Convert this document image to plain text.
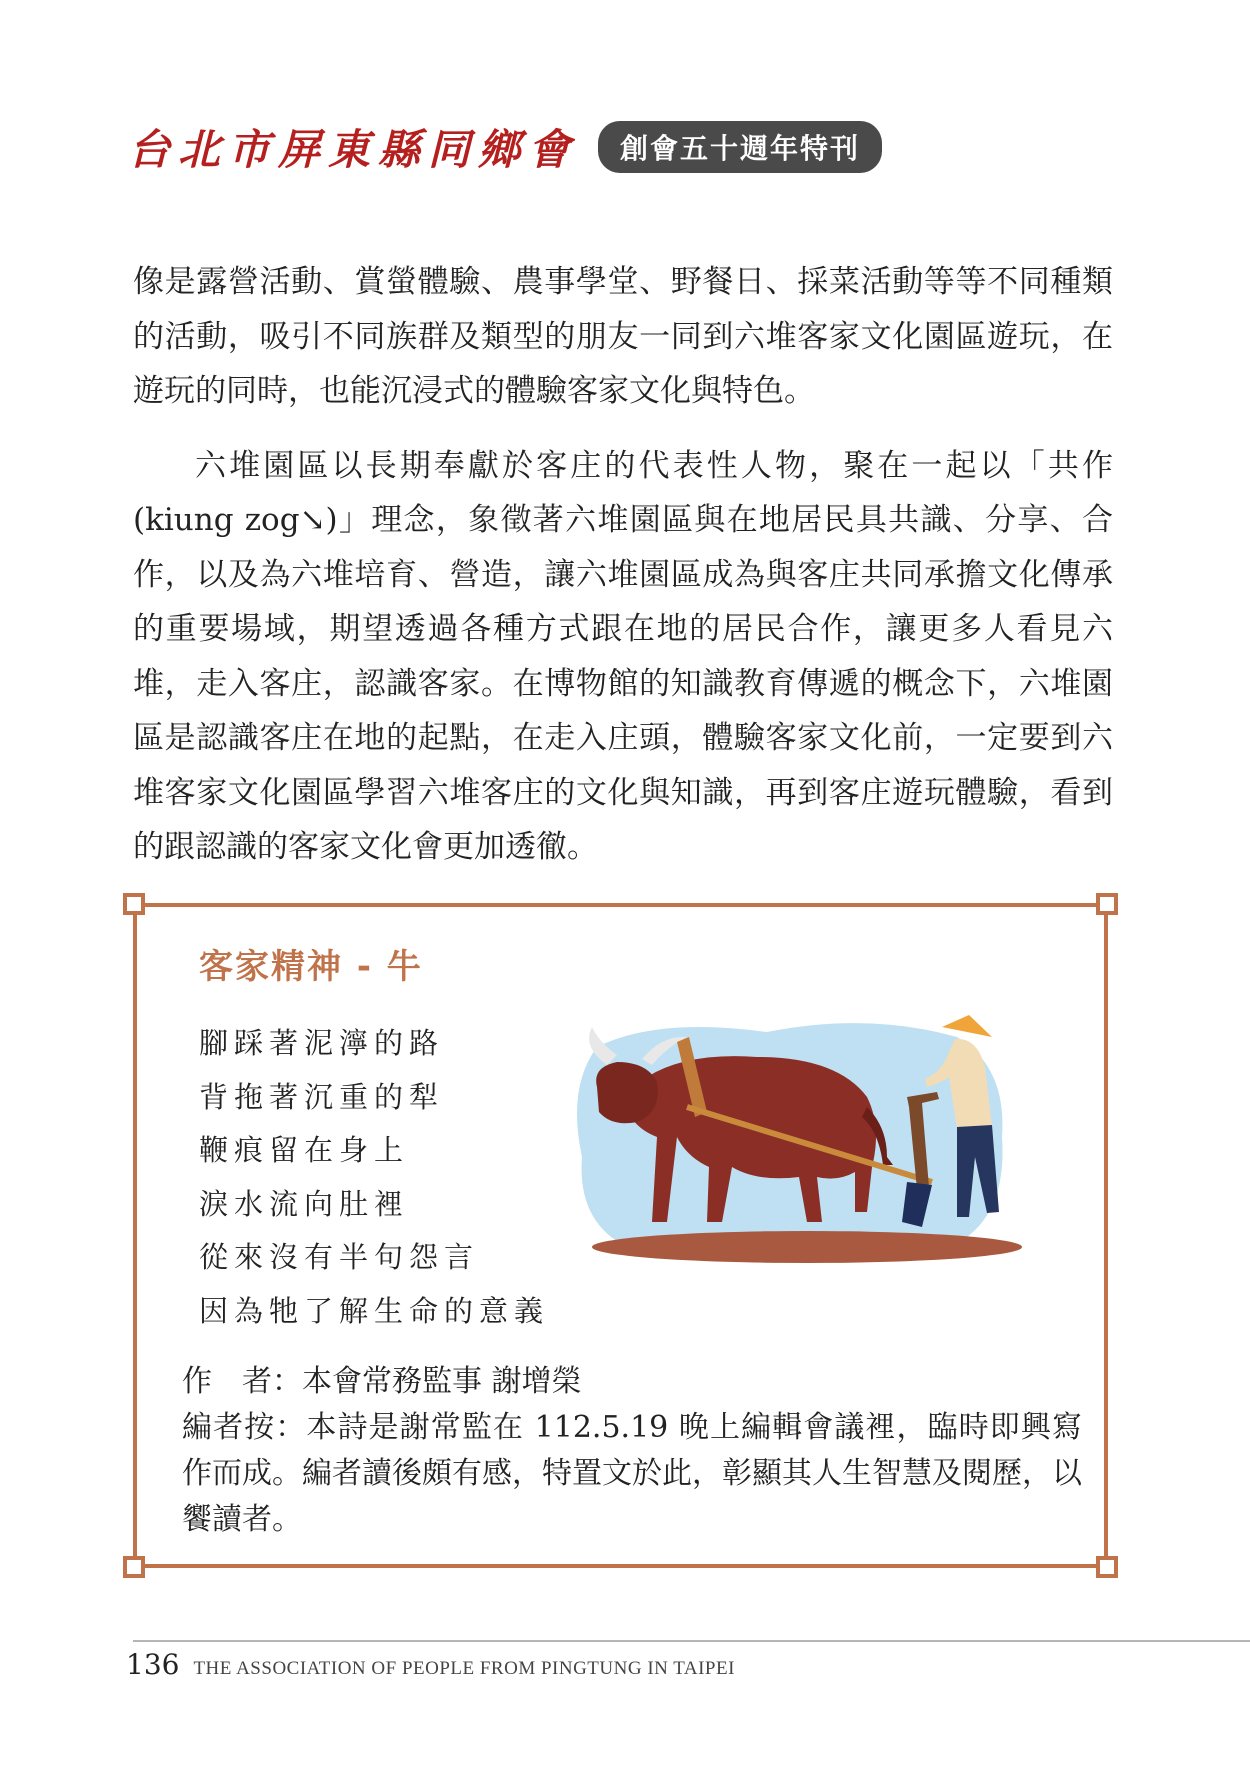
台北市屏東縣同鄉會	創會五十週年特刊

像是露營活動、賞螢體驗、農事學堂、野餐日、採菜活動等等不同種類的活動，吸引不同族群及類型的朋友一同到六堆客家文化園區遊玩，在遊玩的同時，也能沉浸式的體驗客家文化與特色。

六堆園區以長期奉獻於客庄的代表性人物，聚在一起以「共作(kiung zog↘)」理念，象徵著六堆園區與在地居民具共識、分享、合作，以及為六堆培育、營造，讓六堆園區成為與客庄共同承擔文化傳承的重要場域，期望透過各種方式跟在地的居民合作，讓更多人看見六堆，走入客庄，認識客家。在博物館的知識教育傳遞的概念下，六堆園區是認識客庄在地的起點，在走入庄頭，體驗客家文化前，一定要到六堆客家文化園區學習六堆客庄的文化與知識，再到客庄遊玩體驗，看到的跟認識的客家文化會更加透徹。

客家精神 - 牛
腳踩著泥濘的路
背拖著沉重的犁
鞭痕留在身上
淚水流向肚裡
從來沒有半句怨言
因為牠了解生命的意義

作　者：本會常務監事 謝增榮

編者按：本詩是謝常監在 112.5.19 晚上編輯會議裡，臨時即興寫作而成。編者讀後頗有感，特置文於此，彰顯其人生智慧及閱歷，以饗讀者。

136 THE ASSOCIATION OF PEOPLE FROM PINGTUNG IN TAIPEI
